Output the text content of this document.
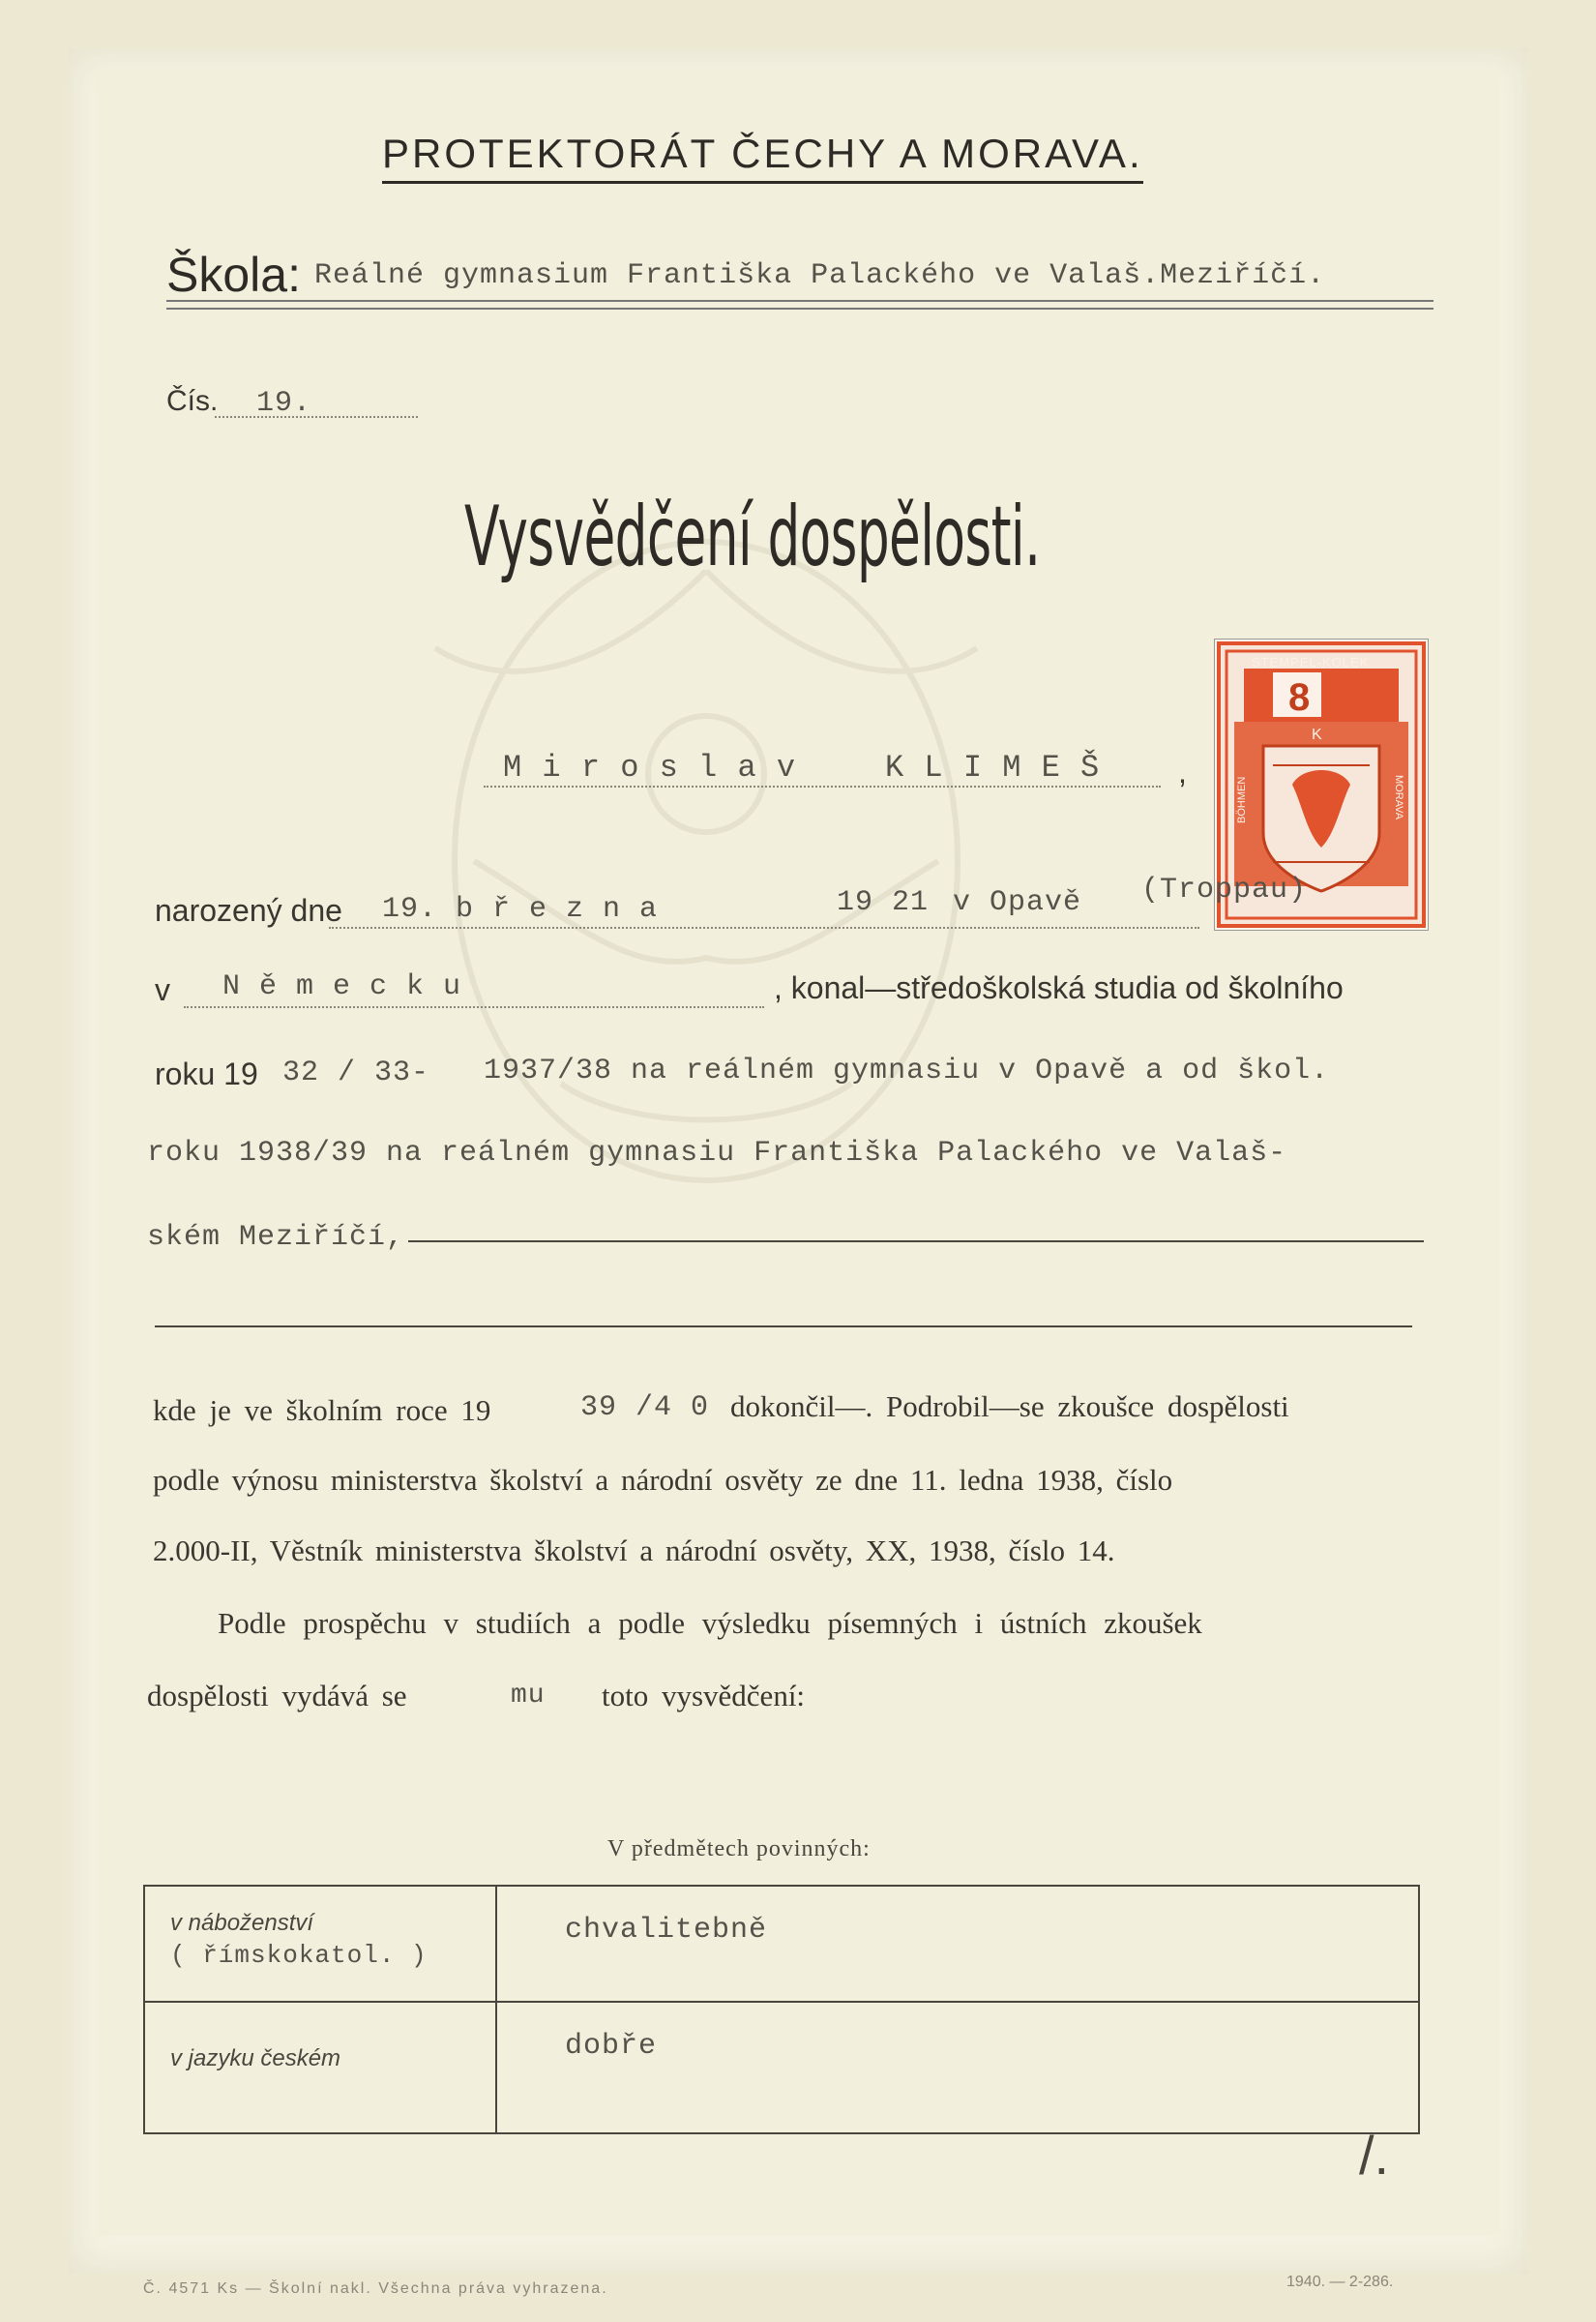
PROTEKTORÁT ČECHY A MORAVA.
Škola: Reálné gymnasium Františka Palackého ve Valaš.Meziříčí.
Čís. 19.
Vysvědčení dospělosti.
STEMPEL-KOLEK
8
K
BÖHMEN	MORAVA
M i r o s l a v	K L I M E Š	,
narozený dne 19. b ř e z n a	19 21 v Opavě (Troppau)
v N ě m e c k u	, konal—středoškolská studia od školního
roku 19 32 / 33- 1937/38 na reálném gymnasiu v Opavě a od škol.
roku 1938/39 na reálném gymnasiu Františka Palackého ve Valaš-
ském Meziříčí,
kde je ve školním roce 19	39 /4 0 dokončil—. Podrobil—se zkoušce dospělosti
podle výnosu ministerstva školství a národní osvěty ze dne 11. ledna 1938, číslo
2.000-II, Věstník ministerstva školství a národní osvěty, XX, 1938, číslo 14.
Podle prospěchu v studiích a podle výsledku písemných i ústních zkoušek
dospělosti vydává se	mu toto vysvědčení:
V předmětech povinných:
v náboženství
( římskokatol. )	chvalitebně

v jazyku českém	dobře
/.
Č. 4571 Ks — Školní nakl. Všechna práva vyhrazena.	1940. — 2-286.
